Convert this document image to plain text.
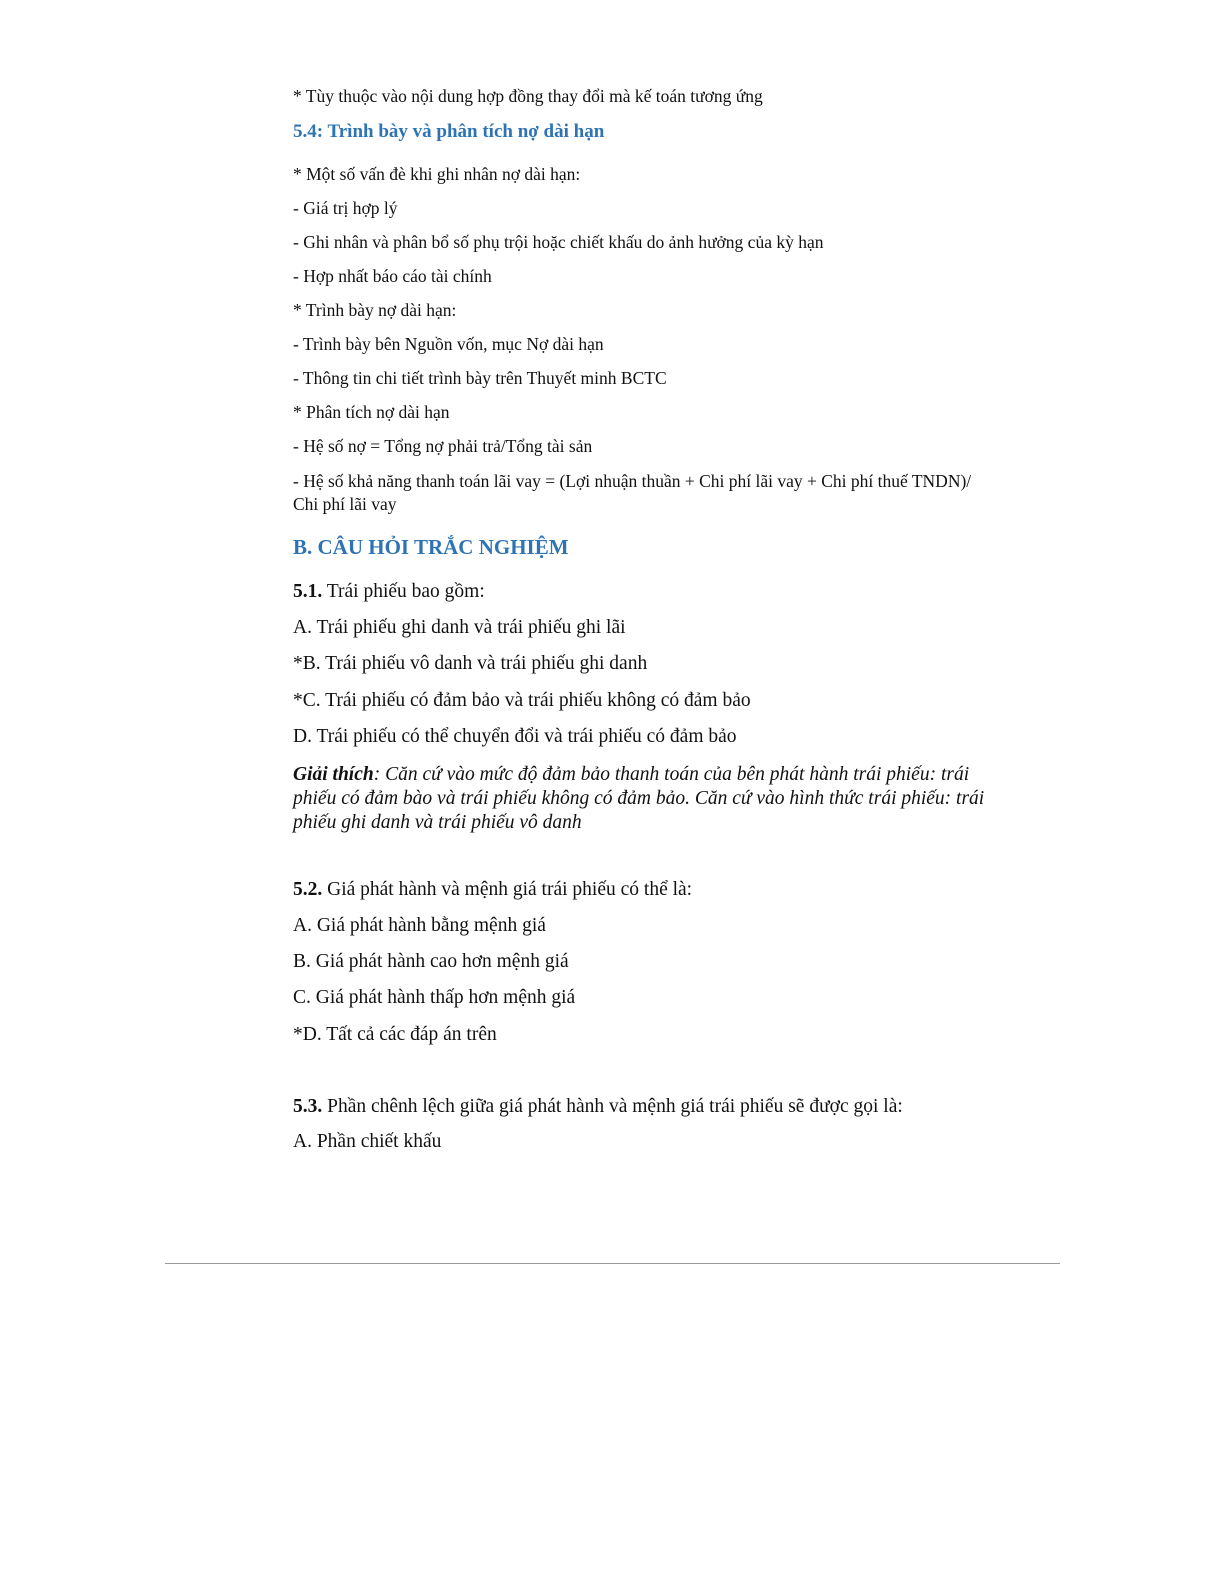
* Tùy thuộc vào nội dung hợp đồng thay đổi mà kế toán tương ứng

5.4: Trình bày và phân tích nợ dài hạn

* Một số vấn đè khi ghi nhân nợ dài hạn:

- Giá trị hợp lý

- Ghi nhân và phân bổ số phụ trội hoặc chiết khấu do ảnh hưởng của kỳ hạn

- Hợp nhất báo cáo tài chính

* Trình bày nợ dài hạn:

- Trình bày bên Nguồn vốn, mục Nợ dài hạn

- Thông tin chi tiết trình bày trên Thuyết minh BCTC

* Phân tích nợ dài hạn

- Hệ số nợ = Tổng nợ phải trả/Tổng tài sản

- Hệ số khả năng thanh toán lãi vay = (Lợi nhuận thuần + Chi phí lãi vay + Chi phí thuế TNDN)/ Chi phí lãi vay

B. CÂU HỎI TRẮC NGHIỆM

5.1. Trái phiếu bao gồm:

A. Trái phiếu ghi danh và trái phiếu ghi lãi

*B. Trái phiếu vô danh và trái phiếu ghi danh

*C. Trái phiếu có đảm bảo và trái phiếu không có đảm bảo

D. Trái phiếu có thể chuyển đổi và trái phiếu có đảm bảo

Giải thích: Căn cứ vào mức độ đảm bảo thanh toán của bên phát hành trái phiếu: trái phiếu có đảm bào và trái phiếu không có đảm bảo. Căn cứ vào hình thức trái phiếu: trái phiếu ghi danh và trái phiếu vô danh

5.2. Giá phát hành và mệnh giá trái phiếu có thể là:

A. Giá phát hành bằng mệnh giá

B. Giá phát hành cao hơn mệnh giá

C. Giá phát hành thấp hơn mệnh giá

*D. Tất cả các đáp án trên

5.3. Phần chênh lệch giữa giá phát hành và mệnh giá trái phiếu sẽ được gọi là:

A. Phần chiết khấu
